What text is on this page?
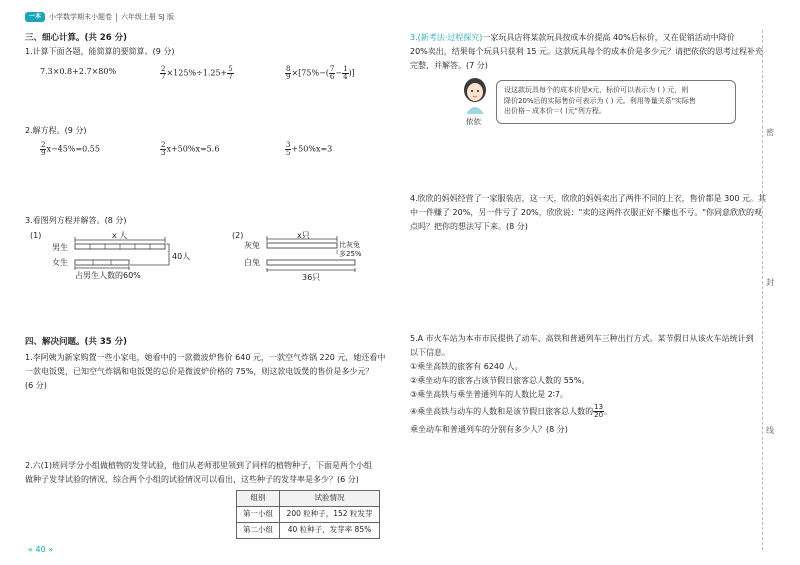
一本	小学数学期末小题卷 六年级上册 SJ 版
三、细心计算。(共 26 分)
1.计算下面各题，能简算的要简算。(9 分)
7.3×0.8+2.7×80%	$\frac{2}{7} \times 125\%\div 1.25+ \frac{5}{7}$	$\frac{8}{9} \times[75\%-( \frac{7}{6} - \frac{1}{4}$ )]
2.解方程。(9 分)
$\frac{2}{9} x-45\%=0.55$	$\frac{2}{3} x+50\%x=5.6$	$\frac{3}{5} +50\%x=3$
3.看图列方程并解答。(8 分)
(1)	x 人
男生
女生
40人
占男生人数的60%
(2)	x只
灰兔
白兔
比灰兔
多25%
36只
四、解决问题。(共 35 分)
1.李阿姨为新家购置一些小家电，她看中的一款微波炉售价 640 元，一款空气炸锅 220 元，她还看中
一款电饭煲，已知空气炸锅和电饭煲的总价是微波炉价格的 75%，则这款电饭煲的售价是多少元？
(6 分)
2.六(1)班同学分小组做植物的发芽试验，他们从老师那里领到了同样的植物种子，下面是两个小组
做种子发芽试验的情况，综合两个小组的试验情况可以看出，这些种子的发芽率是多少？(6 分)
组别	试验情况
第一小组	200 粒种子，152 粒发芽
第二小组	40 粒种子，发芽率 85%
« 40 »
3.(新考法·过程探究)一家玩具店将某款玩具按成本价提高 40%后标价，又在促销活动中降价
20%卖出，结果每个玩具只获利 15 元。这款玩具每个的成本价是多少元？请把依依的思考过程补充
完整，并解答。(7 分)
依依
设这款玩具每个的成本价是x元，标价可以表示为 ( ) 元，则
降价20%后的实际售价可表示为 ( ) 元。利用等量关系"实际售
出价格－成本价＝( )元"列方程。
4.欣欣的妈妈经营了一家服装店，这一天，欣欣的妈妈卖出了两件不同的上衣，售价都是 300 元。其
中一件赚了 20%，另一件亏了 20%，欣欣说："卖的这两件衣服正好不赚也不亏。"你同意欣欣的观
点吗？把你的想法写下来。(8 分)
5.A 市火车站为本市市民提供了动车、高铁和普通列车三种出行方式。某节假日从该火车站统计到
以下信息。
①乘坐高铁的旅客有 6240 人。
②乘坐动车的旅客占该节假日旅客总人数的 55%。
③乘坐高铁与乘坐普通列车的人数比是 2∶7。
④乘坐高铁与动车的人数和是该节假日旅客总人数的 $\frac{13}{20}$ 。
乘坐动车和普通列车的分别有多少人？(8 分)
密
封
线
